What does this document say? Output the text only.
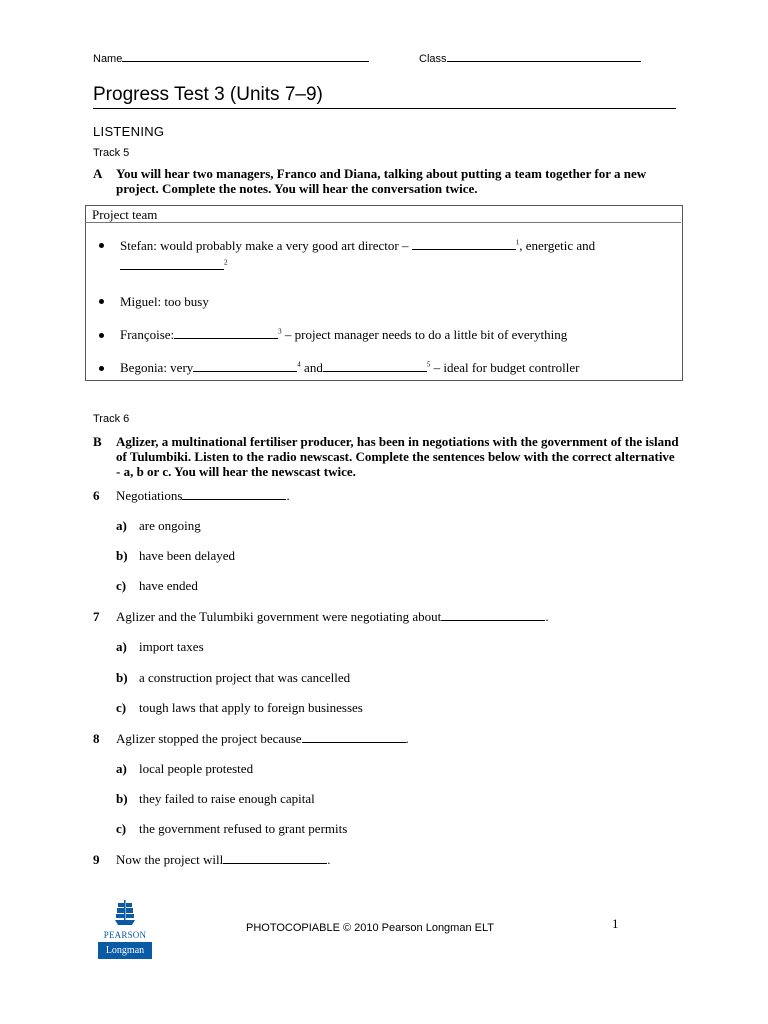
Name	Class
Progress Test 3 (Units 7–9)
LISTENING
Track 5
A You will hear two managers, Franco and Diana, talking about putting a team together for a new project. Complete the notes. You will hear the conversation twice.
Project team
Stefan: would probably make a very good art director –	$^1$, energetic and
$^2$
Miguel: too busy
Françoise:	$^3$ – project manager needs to do a little bit of everything
Begonia: very	$^4$ and	$^5$ – ideal for budget controller
Track 6
B Aglizer, a multinational fertiliser producer, has been in negotiations with the government of the island of Tulumbiki. Listen to the radio newscast. Complete the sentences below with the correct alternative - a, b or c. You will hear the newscast twice.
6 Negotiations	.
a) are ongoing
b) have been delayed
c) have ended
7 Aglizer and the Tulumbiki government were negotiating about	.
a) import taxes
b) a construction project that was cancelled
c) tough laws that apply to foreign businesses
8 Aglizer stopped the project because	.
a) local people protested
b) they failed to raise enough capital
c) the government refused to grant permits
9 Now the project will	.
PEARSON
Longman
PHOTOCOPIABLE © 2010 Pearson Longman ELT	1
